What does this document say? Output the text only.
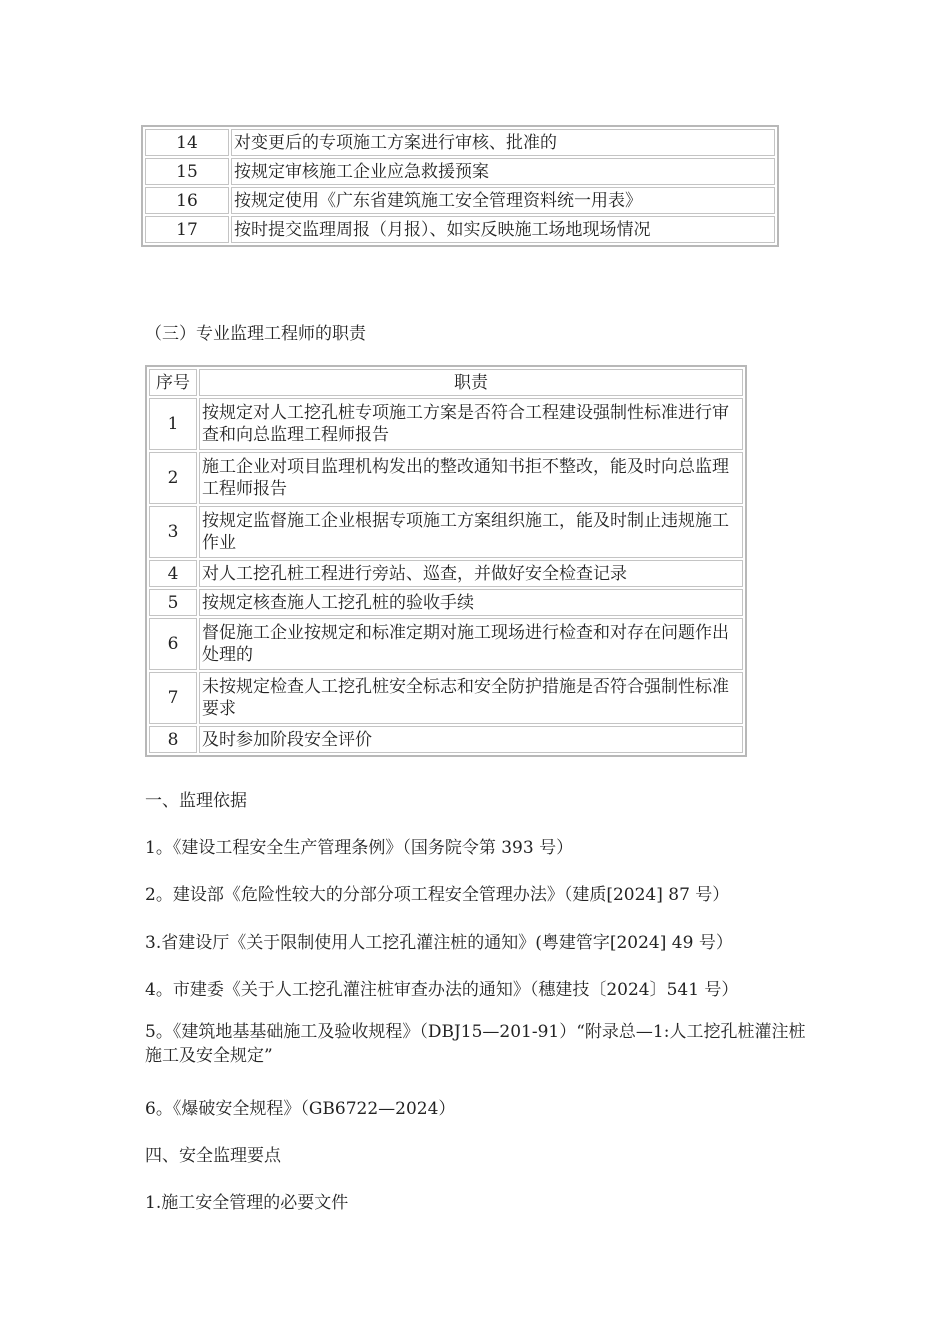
14	对变更后的专项施工方案进行审核、批准的
15	按规定审核施工企业应急救援预案
16	按规定使用《广东省建筑施工安全管理资料统一用表》
17	按时提交监理周报（月报）、如实反映施工场地现场情况
（三）专业监理工程师的职责
序号	职责
1	按规定对人工挖孔桩专项施工方案是否符合工程建设强制性标准进行审查和向总监理工程师报告
2	施工企业对项目监理机构发出的整改通知书拒不整改，能及时向总监理工程师报告
3	按规定监督施工企业根据专项施工方案组织施工，能及时制止违规施工作业
4	对人工挖孔桩工程进行旁站、巡查，并做好安全检查记录
5	按规定核查施人工挖孔桩的验收手续
6	督促施工企业按规定和标准定期对施工现场进行检查和对存在问题作出处理的
7	未按规定检查人工挖孔桩安全标志和安全防护措施是否符合强制性标准要求
8	及时参加阶段安全评价
一、监理依据
1。《建设工程安全生产管理条例》（国务院令第 393 号）
2。建设部《危险性较大的分部分项工程安全管理办法》（建质[2024] 87 号）
3.省建设厅《关于限制使用人工挖孔灌注桩的通知》(粤建管字[2024] 49 号）
4。市建委《关于人工挖孔灌注桩审查办法的通知》（穗建技〔2024〕541 号）
5。《建筑地基基础施工及验收规程》（DBJ15—201-91）“附录总—1:人工挖孔桩灌注桩施工及安全规定”
6。《爆破安全规程》（GB6722—2024）
四、安全监理要点
1.施工安全管理的必要文件
